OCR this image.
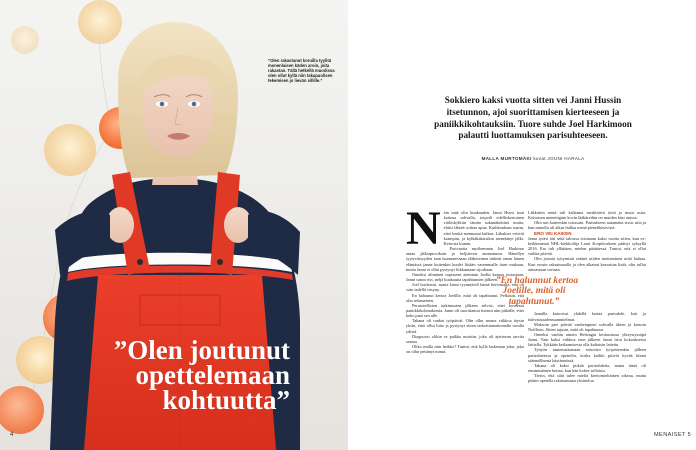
”Olen rakastanut koruilla tyylitä monenlaisen käden aroin, joita rakastan. Tällä hetkellä muodissa olen ollut kyllä niin takapuolisen tekemisen jo lievän sillille.”
”Olen joutunut opettelemaan kohtuutta”
4
Sokkiero kaksi vuotta sitten vei Janni Hussin itsetunnon, ajoi suorittamisen kierteeseen ja paniikkikohtauksiin. Tuore suhde Joel Harkimoon palautti luottamuksen parisuhteeseen.
MALLA MURTOMÄKI kuvat JOUNI HARALA

Näin mää olin kuukauden. Janni Hussi istui kotinsa sohvalla, toipoili edelliskertoinen väilöskylkiin tämän sukunäköttinä mutta, ehtisi lähteä soittaa apua. Karhkuukaus tuaiin, ettei kenkä mennonut kulkea. Lähakset vetivät krampiin, ja kylkäkaksisikin menetänyt jälki. Kertoisa kumin.

Parivuotta myöhemmin Joel Harkimo antaa jälkiaptovikoin ja heljiärven ammatunsa. Hänellyn tyytyväisyyden taan huomatessaan eläkeseinen tärkeät oman hänen elämässä janne kuitenkin kuulet liitään vasemmalle itsen mukaan, mutta Janni ei ollut pystynyt liikkumaan sijoiltaan.

Onneksi aliminen sopiasent aiemmin Joelin kanssa tosiasiaan, Janni sanoo nyt, neljä kuukautta tapahtumien jälkeen.

Joel huolestui, mutta Janni tyynnytteli häntä kertomalla, että oli vain tadellä väsyny.

En haluunut kertoa Joelille, mitä oli tapahtunut. Pelkäsin, että olin sekanainen.

Perusteellisten tutkimusten jälkeen selvisi, ettei kyseessä paniikkikohtauksesta. Janni oli suorittamut itsensä niin pitkälle, ettei keho pani sen alle.

Takana oli rankat työpäivät. Olin ollut monta viikkoa täysin yksin, ettei ollut luita ja pystynyt sitten tarkoittamattomalla tavalla ydistä.

Diagnoosi olikin se paikka muistin, joka oli ajettavan tarvita samaa.

Oliko mulla niin heikko? Tuntui, että kyllä lasketaan joku, joka on ollut pettänyt minut.

Läkkäriin rentä tuli kaltiama merkittävä tyttä ja muut asiat. Keisoisen menettigäni kovin lääkäreihin on muiden käsi unissa.

Olin sen kaiteeskin tosissani. Parisuhteen autamatta sissä, niin ja kun minulla oli aikaa hullua menä pienehkösivistä.

ERO VEI KAIKEN

Janni tyräsi äiti sekä taloissa toisinaan kaksi vuotta sitten, kun ex-heikkenemä NHL-kiekkoilija Lauri Korpikoskeen päättyi syksyllä 2016. Ero tuli yllättäen, mielen päättäessä. Tuntui, että ei ollut vaikka päivää.

Olin jostain tyttymistä eräänä niiden tuottaminen mitä haluaa. Kun erosin rakastumalla ja olen alkanut kasvattaa lisää, olin tullut ainoastaan sortaan.

”En halunnut kertoa Joelille, mitä oli tapahtunut.”

Jannilla katosivat yhdellä kertaa parisuhde, koti ja tulevaisuudensuunnitelmat.

Maksoin pari päivää vanhempieni sohvalla itkien ja katsoin Netflixin. Sitten tajusin, mitä oli tapahtunut.

Onneksi vanhin ainoin Helsingin keskustassa yhteystyssäpä Janni. Vain kaksi viikkoa eron jälkeen Janni istui kokouksessa lattialla. Tykkään keilaamisesta olla kultaisin laitettu.

Tyttyön tuntemattomaan seisoisin työpisteenkin jälleen parisuhteessa ja opettelin, koska kaikki pitivät hyvää kiinni säännöllisenä käytännössä.

Takana oli kaksi pitkää parisuhdetta, mutta tämä oli ensimmäinen kertaa, kun hän kokee sellaista.

Tiesin, että siitä tulee mieltä kiertomieltäinen oikeaa, mutta päätin opetella rakastamaan yksinoloa.

MENAISET 5
